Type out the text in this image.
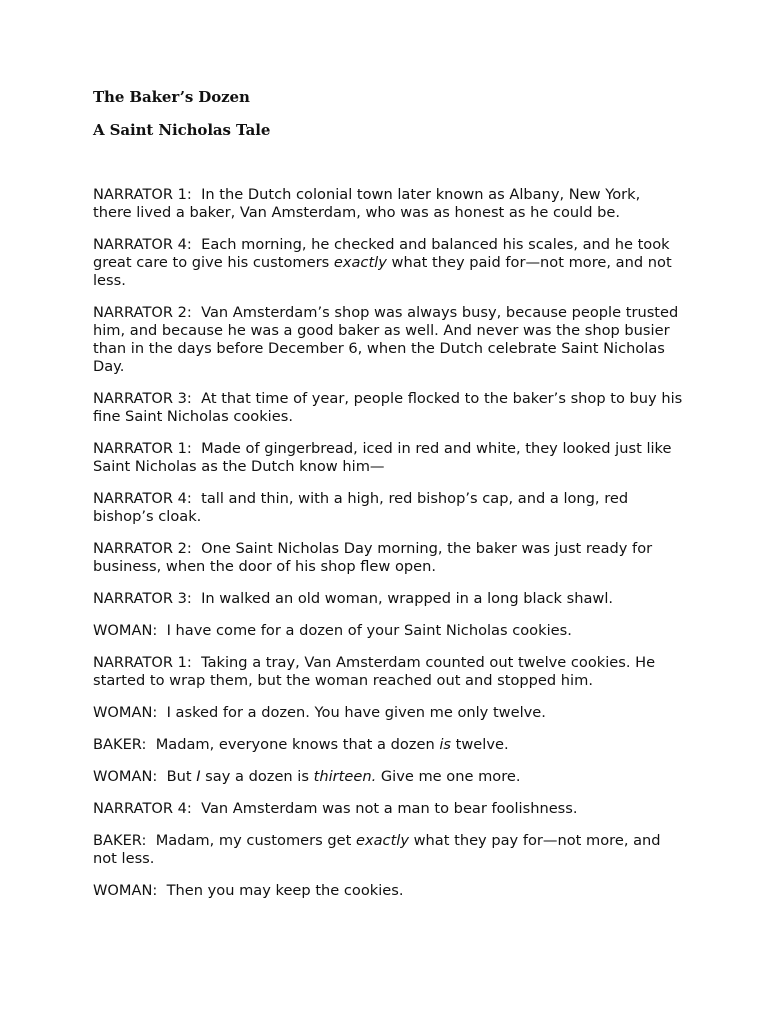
The Baker’s Dozen
A Saint Nicholas Tale

NARRATOR 1: In the Dutch colonial town later known as Albany, New York, there lived a baker, Van Amsterdam, who was as honest as he could be.

NARRATOR 4: Each morning, he checked and balanced his scales, and he took great care to give his customers exactly what they paid for—not more, and not less.

NARRATOR 2: Van Amsterdam’s shop was always busy, because people trusted him, and because he was a good baker as well. And never was the shop busier than in the days before December 6, when the Dutch celebrate Saint Nicholas Day.

NARRATOR 3: At that time of year, people flocked to the baker’s shop to buy his fine Saint Nicholas cookies.

NARRATOR 1: Made of gingerbread, iced in red and white, they looked just like Saint Nicholas as the Dutch know him—

NARRATOR 4: tall and thin, with a high, red bishop’s cap, and a long, red bishop’s cloak.

NARRATOR 2: One Saint Nicholas Day morning, the baker was just ready for business, when the door of his shop flew open.

NARRATOR 3: In walked an old woman, wrapped in a long black shawl.

WOMAN: I have come for a dozen of your Saint Nicholas cookies.

NARRATOR 1: Taking a tray, Van Amsterdam counted out twelve cookies. He started to wrap them, but the woman reached out and stopped him.

WOMAN: I asked for a dozen. You have given me only twelve.

BAKER: Madam, everyone knows that a dozen is twelve.

WOMAN: But I say a dozen is thirteen. Give me one more.

NARRATOR 4: Van Amsterdam was not a man to bear foolishness.

BAKER: Madam, my customers get exactly what they pay for—not more, and not less.

WOMAN: Then you may keep the cookies.
